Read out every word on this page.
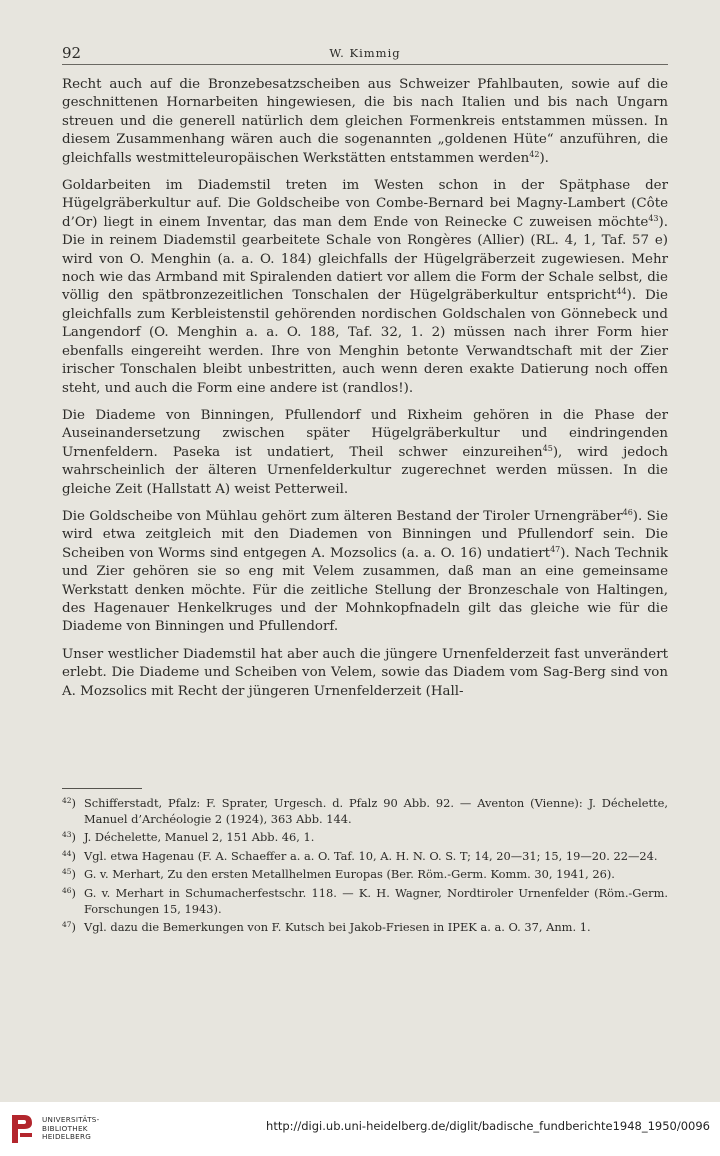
92	W. Kimmig

Recht auch auf die Bronzebesatzscheiben aus Schweizer Pfahlbauten, sowie auf die geschnittenen Hornarbeiten hingewiesen, die bis nach Italien und bis nach Ungarn streuen und die generell natürlich dem gleichen Formenkreis entstammen müssen. In diesem Zusammenhang wären auch die sogenannten „goldenen Hüte“ anzuführen, die gleichfalls westmitteleuropäischen Werkstätten entstammen werden$^{42}$).

Goldarbeiten im Diademstil treten im Westen schon in der Spätphase der Hügelgräberkultur auf. Die Goldscheibe von Combe-Bernard bei Magny-Lambert (Côte d’Or) liegt in einem Inventar, das man dem Ende von Reinecke C zuweisen möchte$^{43}$). Die in reinem Diademstil gearbeitete Schale von Rongères (Allier) (RL. 4, 1, Taf. 57 e) wird von O. Menghin (a. a. O. 184) gleichfalls der Hügelgräberzeit zugewiesen. Mehr noch wie das Armband mit Spiralenden datiert vor allem die Form der Schale selbst, die völlig den spätbronzezeitlichen Tonschalen der Hügelgräberkultur entspricht$^{44}$). Die gleichfalls zum Kerbleistenstil gehörenden nordischen Goldschalen von Gönnebeck und Langendorf (O. Menghin a. a. O. 188, Taf. 32, 1. 2) müssen nach ihrer Form hier ebenfalls eingereiht werden. Ihre von Menghin betonte Verwandtschaft mit der Zier irischer Tonschalen bleibt unbestritten, auch wenn deren exakte Datierung noch offen steht, und auch die Form eine andere ist (randlos!).

Die Diademe von Binningen, Pfullendorf und Rixheim gehören in die Phase der Auseinandersetzung zwischen später Hügelgräberkultur und eindringenden Urnenfeldern. Paseka ist undatiert, Theil schwer einzureihen$^{45}$), wird jedoch wahrscheinlich der älteren Urnenfelderkultur zugerechnet werden müssen. In die gleiche Zeit (Hallstatt A) weist Petterweil.

Die Goldscheibe von Mühlau gehört zum älteren Bestand der Tiroler Urnengräber$^{46}$). Sie wird etwa zeitgleich mit den Diademen von Binningen und Pfullendorf sein. Die Scheiben von Worms sind entgegen A. Mozsolics (a. a. O. 16) undatiert$^{47}$). Nach Technik und Zier gehören sie so eng mit Velem zusammen, daß man an eine gemeinsame Werkstatt denken möchte. Für die zeitliche Stellung der Bronzeschale von Haltingen, des Hagenauer Henkelkruges und der Mohnkopfnadeln gilt das gleiche wie für die Diademe von Binningen und Pfullendorf.

Unser westlicher Diademstil hat aber auch die jüngere Urnenfelderzeit fast unverändert erlebt. Die Diademe und Scheiben von Velem, sowie das Diadem vom Sag-Berg sind von A. Mozsolics mit Recht der jüngeren Urnenfelderzeit (Hall-

$^{42}$) Schifferstadt, Pfalz: F. Sprater, Urgesch. d. Pfalz 90 Abb. 92. — Aventon (Vienne): J. Déchelette, Manuel d’Archéologie 2 (1924), 363 Abb. 144.
$^{43}$) J. Déchelette, Manuel 2, 151 Abb. 46, 1.
$^{44}$) Vgl. etwa Hagenau (F. A. Schaeffer a. a. O. Taf. 10, A. H. N. O. S. T; 14, 20—31; 15, 19—20. 22—24.
$^{45}$) G. v. Merhart, Zu den ersten Metallhelmen Europas (Ber. Röm.-Germ. Komm. 30, 1941, 26).
$^{46}$) G. v. Merhart in Schumacherfestschr. 118. — K. H. Wagner, Nordtiroler Urnenfelder (Röm.-Germ. Forschungen 15, 1943).
$^{47}$) Vgl. dazu die Bemerkungen von F. Kutsch bei Jakob-Friesen in IPEK a. a. O. 37, Anm. 1.
UNIVERSITÄTS-
BIBLIOTHEK
HEIDELBERG
http://digi.ub.uni-heidelberg.de/diglit/badische_fundberichte1948_1950/0096
